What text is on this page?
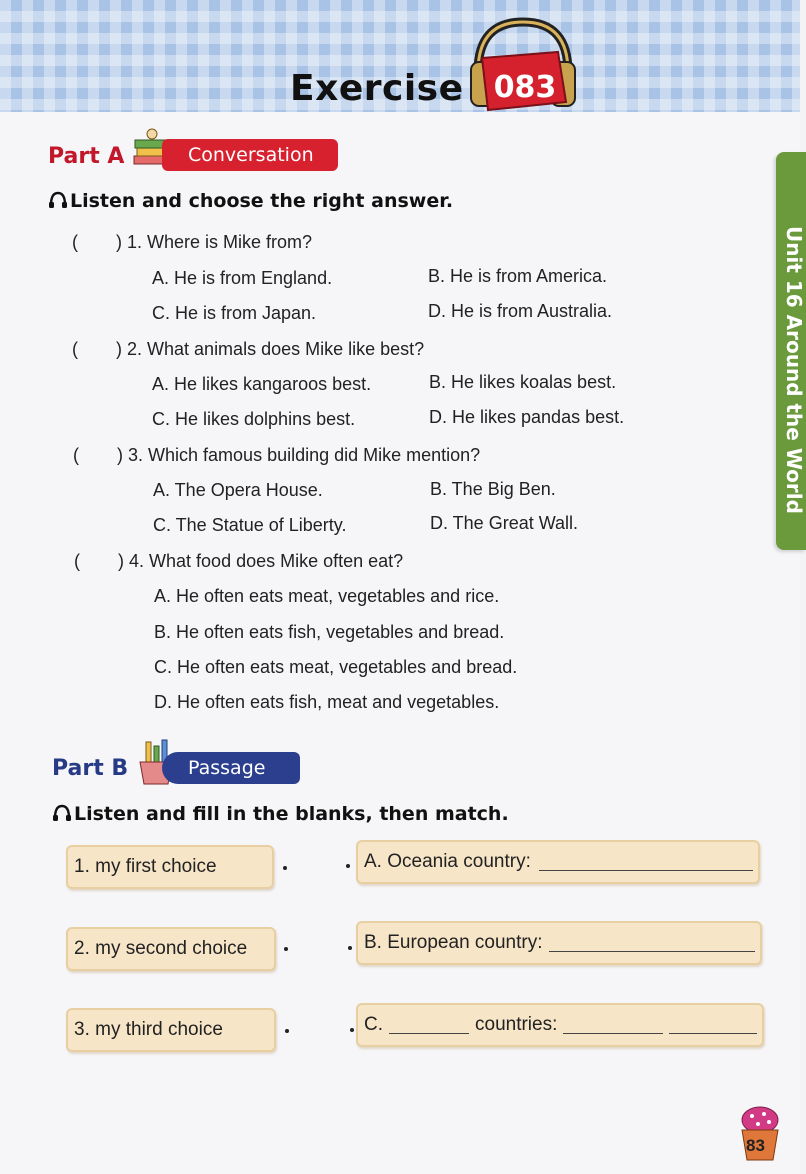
Exercise 083
Unit 16 Around the World
Part A	Conversation
Listen and choose the right answer.
( ) 1. Where is Mike from?
A. He is from England.	B. He is from America.
C. He is from Japan.	D. He is from Australia.
( ) 2. What animals does Mike like best?
A. He likes kangaroos best.	B. He likes koalas best.
C. He likes dolphins best.	D. He likes pandas best.
( ) 3. Which famous building did Mike mention?
A. The Opera House.	B. The Big Ben.
C. The Statue of Liberty.	D. The Great Wall.
( ) 4. What food does Mike often eat?
A. He often eats meat, vegetables and rice.
B. He often eats fish, vegetables and bread.
C. He often eats meat, vegetables and bread.
D. He often eats fish, meat and vegetables.
Part B	Passage
Listen and fill in the blanks, then match.
1. my first choice
2. my second choice
3. my third choice
A. Oceania country:
B. European country:
C.	countries:
83
